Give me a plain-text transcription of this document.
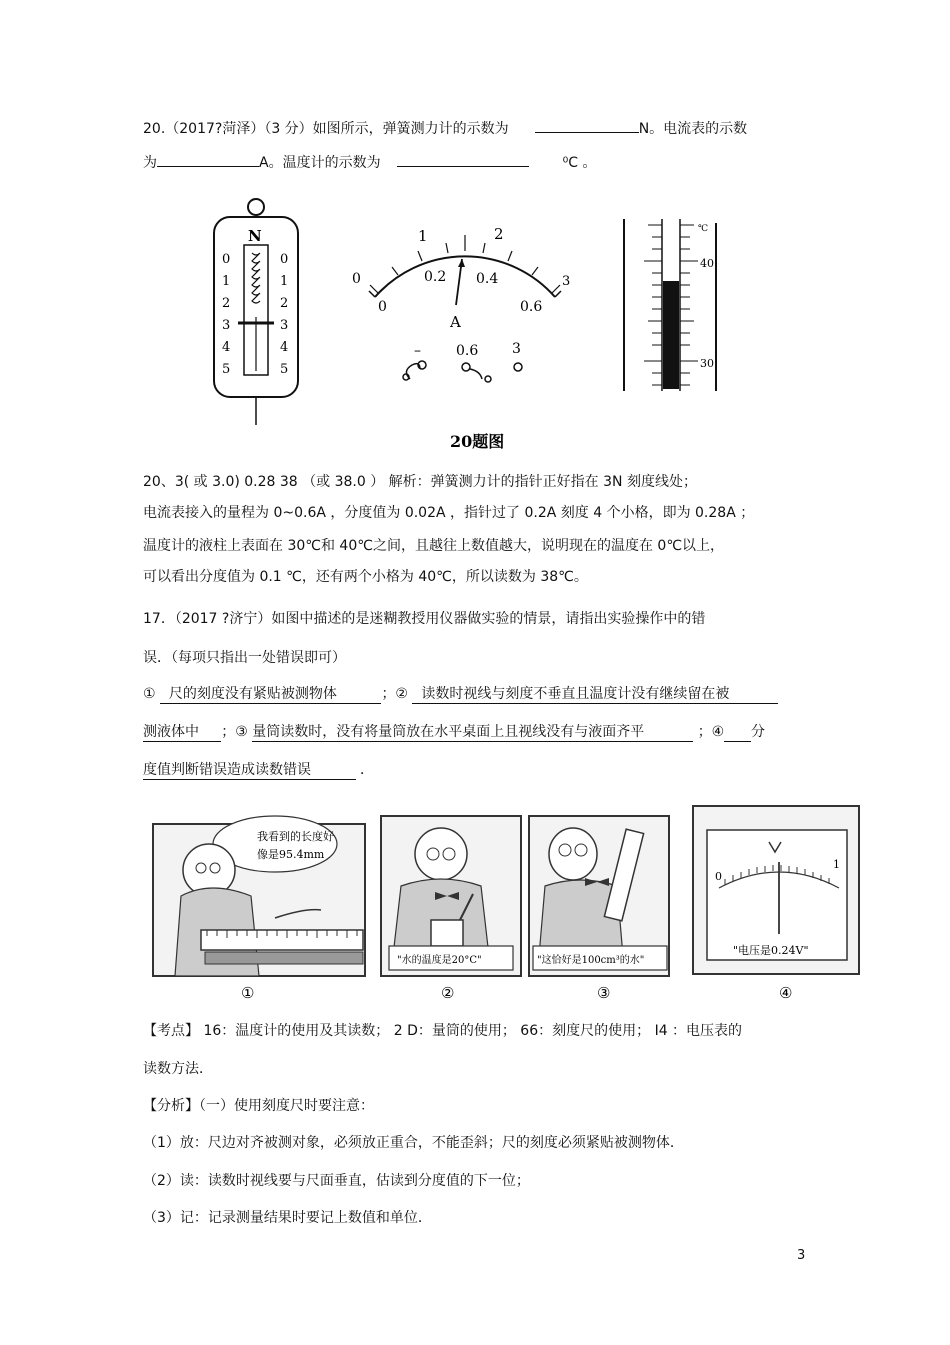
20.（2017?菏泽）（3 分）如图所示，弹簧测力计的示数为	N。电流表的示数
为	A。温度计的示数为	⁰C 。
N
0
1
2
3
4
5
0
1
2
3
4
5
1	2
3
0	0.2 0.4
0	0.6
A
–	0.6 3
℃
40
30
20题图
20、3( 或 3.0) 0.28 38 （或 38.0 ） 解析：弹簧测力计的指针正好指在 3N 刻度线处；
电流表接入的量程为 0~0.6A ，分度值为 0.02A ，指针过了 0.2A 刻度 4 个小格，即为 0.28A ；
温度计的液柱上表面在 30℃和 40℃之间，且越往上数值越大，说明现在的温度在 0℃以上，
可以看出分度值为 0.1 ℃，还有两个小格为 40℃，所以读数为 38℃。
17．（2017 ?济宁）如图中描述的是迷糊教授用仪器做实验的情景，请指出实验操作中的错
误．（每项只指出一处错误即可）
① 尺的刻度没有紧贴被测物体	；② 读数时视线与刻度不垂直且温度计没有继续留在被
测液体中 ；③ 量筒读数时，没有将量筒放在水平桌面上且视线没有与液面齐平	；④ 分
度值判断错误造成读数错误	．
我看到的长度好
像是95.4mm
"水的温度是20°C"	"这恰好是100cm³的水"
0
1
"电压是0.24V"
①	②	③	④
【考点】 16：温度计的使用及其读数； 2 D：量筒的使用； 66：刻度尺的使用； I4 ：电压表的
读数方法．
【分析】（一）使用刻度尺时要注意：
（1）放：尺边对齐被测对象，必须放正重合，不能歪斜；尺的刻度必须紧贴被测物体．
（2）读：读数时视线要与尺面垂直，估读到分度值的下一位；
（3）记：记录测量结果时要记上数值和单位．
3
